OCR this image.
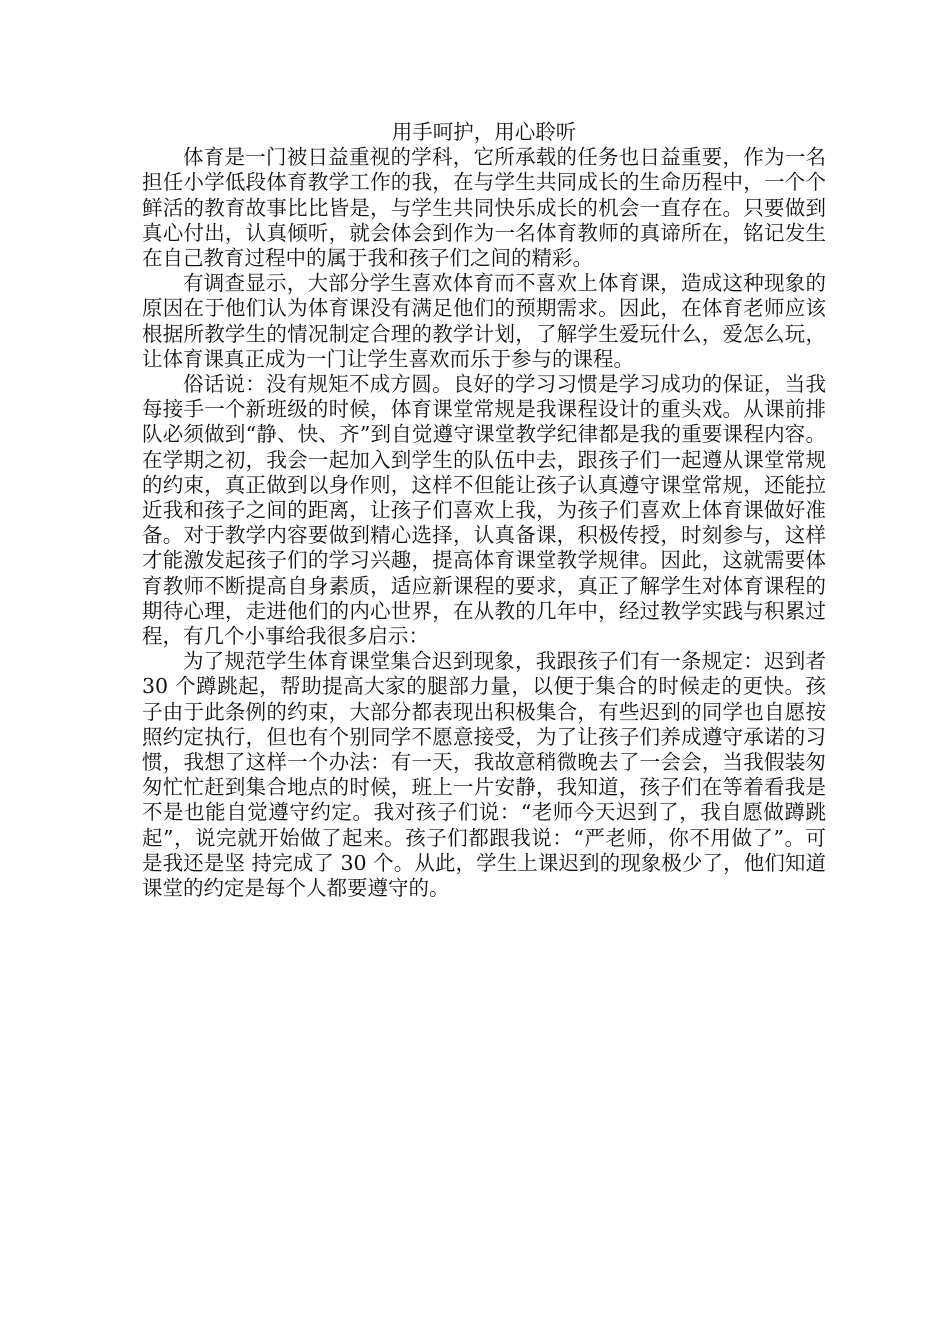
用手呵护，用心聆听

体育是一门被日益重视的学科，它所承载的任务也日益重要，作为一名担任小学低段体育教学工作的我，在与学生共同成长的生命历程中，一个个鲜活的教育故事比比皆是，与学生共同快乐成长的机会一直存在。只要做到真心付出，认真倾听，就会体会到作为一名体育教师的真谛所在，铭记发生在自己教育过程中的属于我和孩子们之间的精彩。

有调查显示，大部分学生喜欢体育而不喜欢上体育课，造成这种现象的原因在于他们认为体育课没有满足他们的预期需求。因此，在体育老师应该根据所教学生的情况制定合理的教学计划，了解学生爱玩什么，爱怎么玩，让体育课真正成为一门让学生喜欢而乐于参与的课程。

俗话说：没有规矩不成方圆。良好的学习习惯是学习成功的保证，当我每接手一个新班级的时候，体育课堂常规是我课程设计的重头戏。从课前排队必须做到“静、快、齐”到自觉遵守课堂教学纪律都是我的重要课程内容。在学期之初，我会一起加入到学生的队伍中去，跟孩子们一起遵从课堂常规的约束，真正做到以身作则，这样不但能让孩子认真遵守课堂常规，还能拉近我和孩子之间的距离，让孩子们喜欢上我，为孩子们喜欢上体育课做好准备。对于教学内容要做到精心选择，认真备课，积极传授，时刻参与，这样才能激发起孩子们的学习兴趣，提高体育课堂教学规律。因此，这就需要体育教师不断提高自身素质，适应新课程的要求，真正了解学生对体育课程的期待心理，走进他们的内心世界，在从教的几年中，经过教学实践与积累过程，有几个小事给我很多启示：

为了规范学生体育课堂集合迟到现象，我跟孩子们有一条规定：迟到者 30 个蹲跳起，帮助提高大家的腿部力量，以便于集合的时候走的更快。孩子由于此条例的约束，大部分都表现出积极集合，有些迟到的同学也自愿按照约定执行，但也有个别同学不愿意接受，为了让孩子们养成遵守承诺的习惯，我想了这样一个办法：有一天，我故意稍微晚去了一会会，当我假装匆匆忙忙赶到集合地点的时候，班上一片安静，我知道，孩子们在等着看我是不是也能自觉遵守约定。我对孩子们说：“老师今天迟到了，我自愿做蹲跳起”，说完就开始做了起来。孩子们都跟我说：“严老师，你不用做了”。可是我还是坚 持完成了 30 个。从此，学生上课迟到的现象极少了，他们知道课堂的约定是每个人都要遵守的。
